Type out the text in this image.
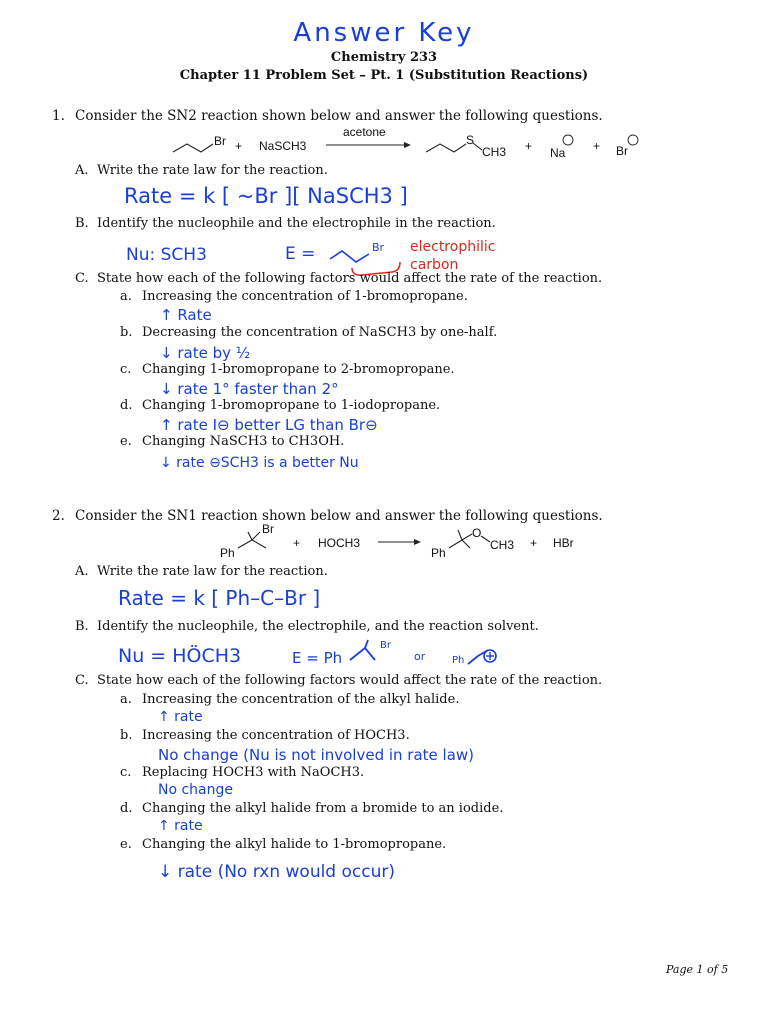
Answer Key
Chemistry 233
Chapter 11 Problem Set – Pt. 1 (Substitution Reactions)
1. Consider the SN2 reaction shown below and answer the following questions.
Br + NaSCH3
acetone
S
CH3 + Na + Br
A. Write the rate law for the reaction.
Rate = k [ ~Br ][ NaSCH3 ]
B. Identify the nucleophile and the electrophile in the reaction.
Nu: SCH3	E =	Br electrophilic carbon
C. State how each of the following factors would affect the rate of the reaction.
a. Increasing the concentration of 1-bromopropane.
↑ Rate
b. Decreasing the concentration of NaSCH3 by one-half.
↓ rate by ½
c. Changing 1-bromopropane to 2-bromopropane.
↓ rate 1° faster than 2°
d. Changing 1-bromopropane to 1-iodopropane.
↑ rate I⊖ better LG than Br⊖
e. Changing NaSCH3 to CH3OH.
↓ rate ⊖SCH3 is a better Nu
2. Consider the SN1 reaction shown below and answer the following questions.
Br
Ph
+ HOCH3
Ph
O
CH3 + HBr
A. Write the rate law for the reaction.
Rate = k [ Ph–C–Br ]
B. Identify the nucleophile, the electrophile, and the reaction solvent.
Nu = HÖCH3	E = Ph
Br
or	Ph
C. State how each of the following factors would affect the rate of the reaction.
a. Increasing the concentration of the alkyl halide.
↑ rate
b. Increasing the concentration of HOCH3.
No change (Nu is not involved in rate law)
c. Replacing HOCH3 with NaOCH3.
No change
d. Changing the alkyl halide from a bromide to an iodide.
↑ rate
e. Changing the alkyl halide to 1-bromopropane.
↓ rate (No rxn would occur)
Page 1 of 5
